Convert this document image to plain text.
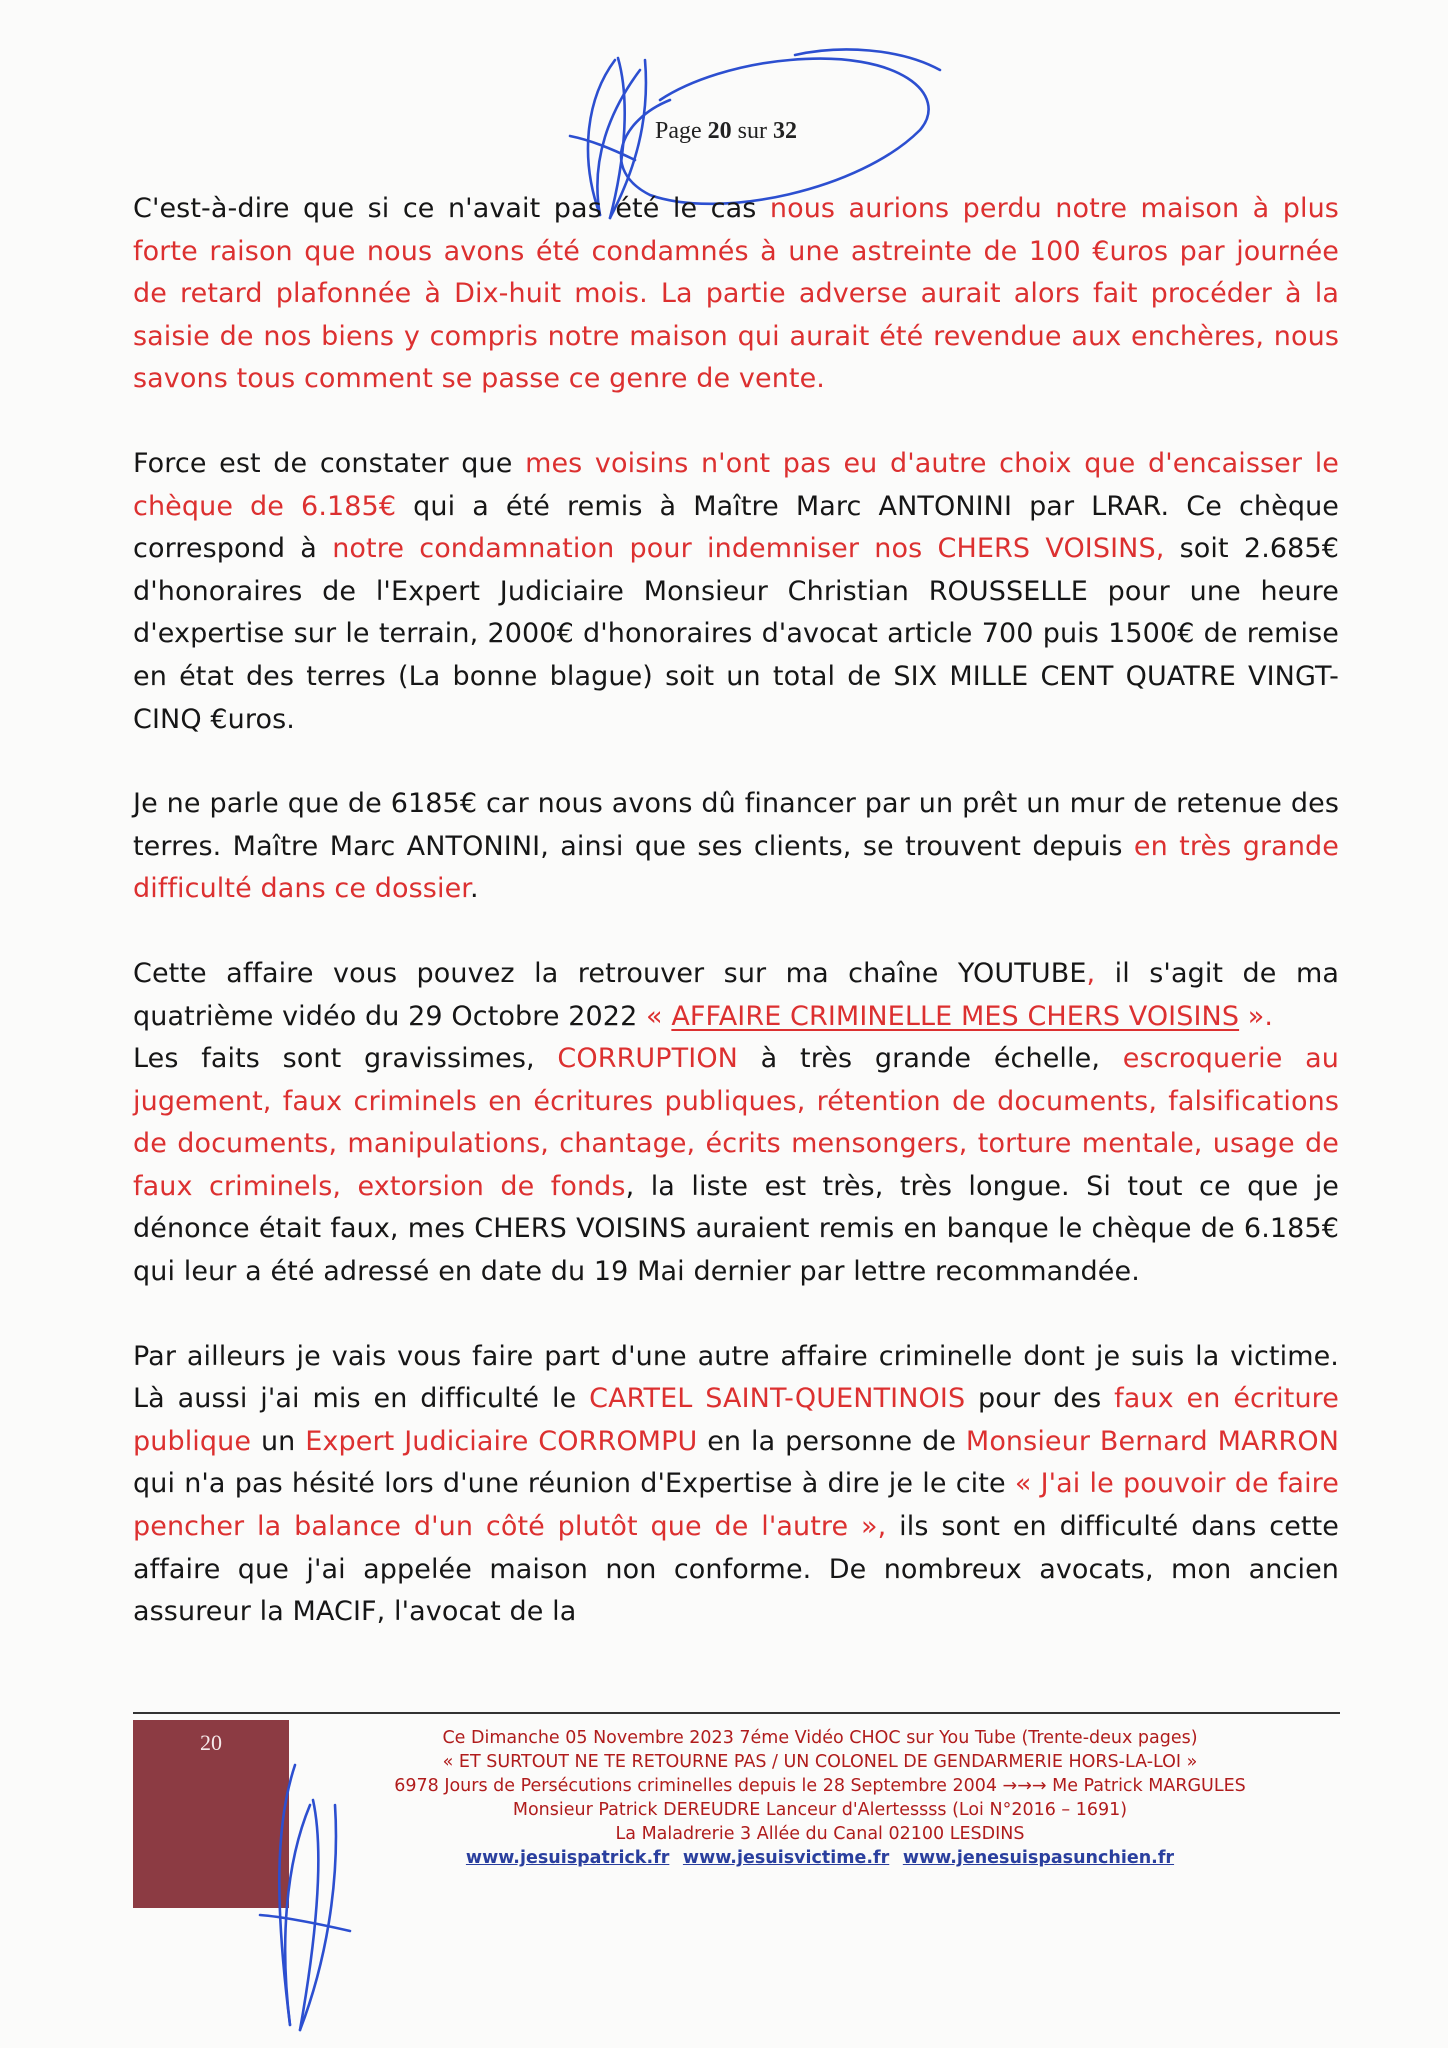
Page 20 sur 32

C'est-à-dire que si ce n'avait pas été le cas nous aurions perdu notre maison à plus forte raison que nous avons été condamnés à une astreinte de 100 €uros par journée de retard plafonnée à Dix-huit mois. La partie adverse aurait alors fait procéder à la saisie de nos biens y compris notre maison qui aurait été revendue aux enchères, nous savons tous comment se passe ce genre de vente.

Force est de constater que mes voisins n'ont pas eu d'autre choix que d'encaisser le chèque de 6.185€ qui a été remis à Maître Marc ANTONINI par LRAR. Ce chèque correspond à notre condamnation pour indemniser nos CHERS VOISINS, soit 2.685€ d'honoraires de l'Expert Judiciaire Monsieur Christian ROUSSELLE pour une heure d'expertise sur le terrain, 2000€ d'honoraires d'avocat article 700 puis 1500€ de remise en état des terres (La bonne blague) soit un total de SIX MILLE CENT QUATRE VINGT-CINQ €uros.

Je ne parle que de 6185€ car nous avons dû financer par un prêt un mur de retenue des terres. Maître Marc ANTONINI, ainsi que ses clients, se trouvent depuis en très grande difficulté dans ce dossier.

Cette affaire vous pouvez la retrouver sur ma chaîne YOUTUBE, il s'agit de ma quatrième vidéo du 29 Octobre 2022 « AFFAIRE CRIMINELLE MES CHERS VOISINS ».

Les faits sont gravissimes, CORRUPTION à très grande échelle, escroquerie au jugement, faux criminels en écritures publiques, rétention de documents, falsifications de documents, manipulations, chantage, écrits mensongers, torture mentale, usage de faux criminels, extorsion de fonds, la liste est très, très longue. Si tout ce que je dénonce était faux, mes CHERS VOISINS auraient remis en banque le chèque de 6.185€ qui leur a été adressé en date du 19 Mai dernier par lettre recommandée.

Par ailleurs je vais vous faire part d'une autre affaire criminelle dont je suis la victime. Là aussi j'ai mis en difficulté le CARTEL SAINT-QUENTINOIS pour des faux en écriture publique un Expert Judiciaire CORROMPU en la personne de Monsieur Bernard MARRON qui n'a pas hésité lors d'une réunion d'Expertise à dire je le cite « J'ai le pouvoir de faire pencher la balance d'un côté plutôt que de l'autre », ils sont en difficulté dans cette affaire que j'ai appelée maison non conforme. De nombreux avocats, mon ancien assureur la MACIF, l'avocat de la

20	Ce Dimanche 05 Novembre 2023 7éme Vidéo CHOC sur You Tube (Trente-deux pages)
« ET SURTOUT NE TE RETOURNE PAS / UN COLONEL DE GENDARMERIE HORS-LA-LOI »
6978 Jours de Persécutions criminelles depuis le 28 Septembre 2004 →→→ Me Patrick MARGULES
Monsieur Patrick DEREUDRE Lanceur d'Alertessss (Loi N°2016 – 1691)
La Maladrerie 3 Allée du Canal 02100 LESDINS
www.jesuispatrick.fr www.jesuisvictime.fr www.jenesuispasunchien.fr
